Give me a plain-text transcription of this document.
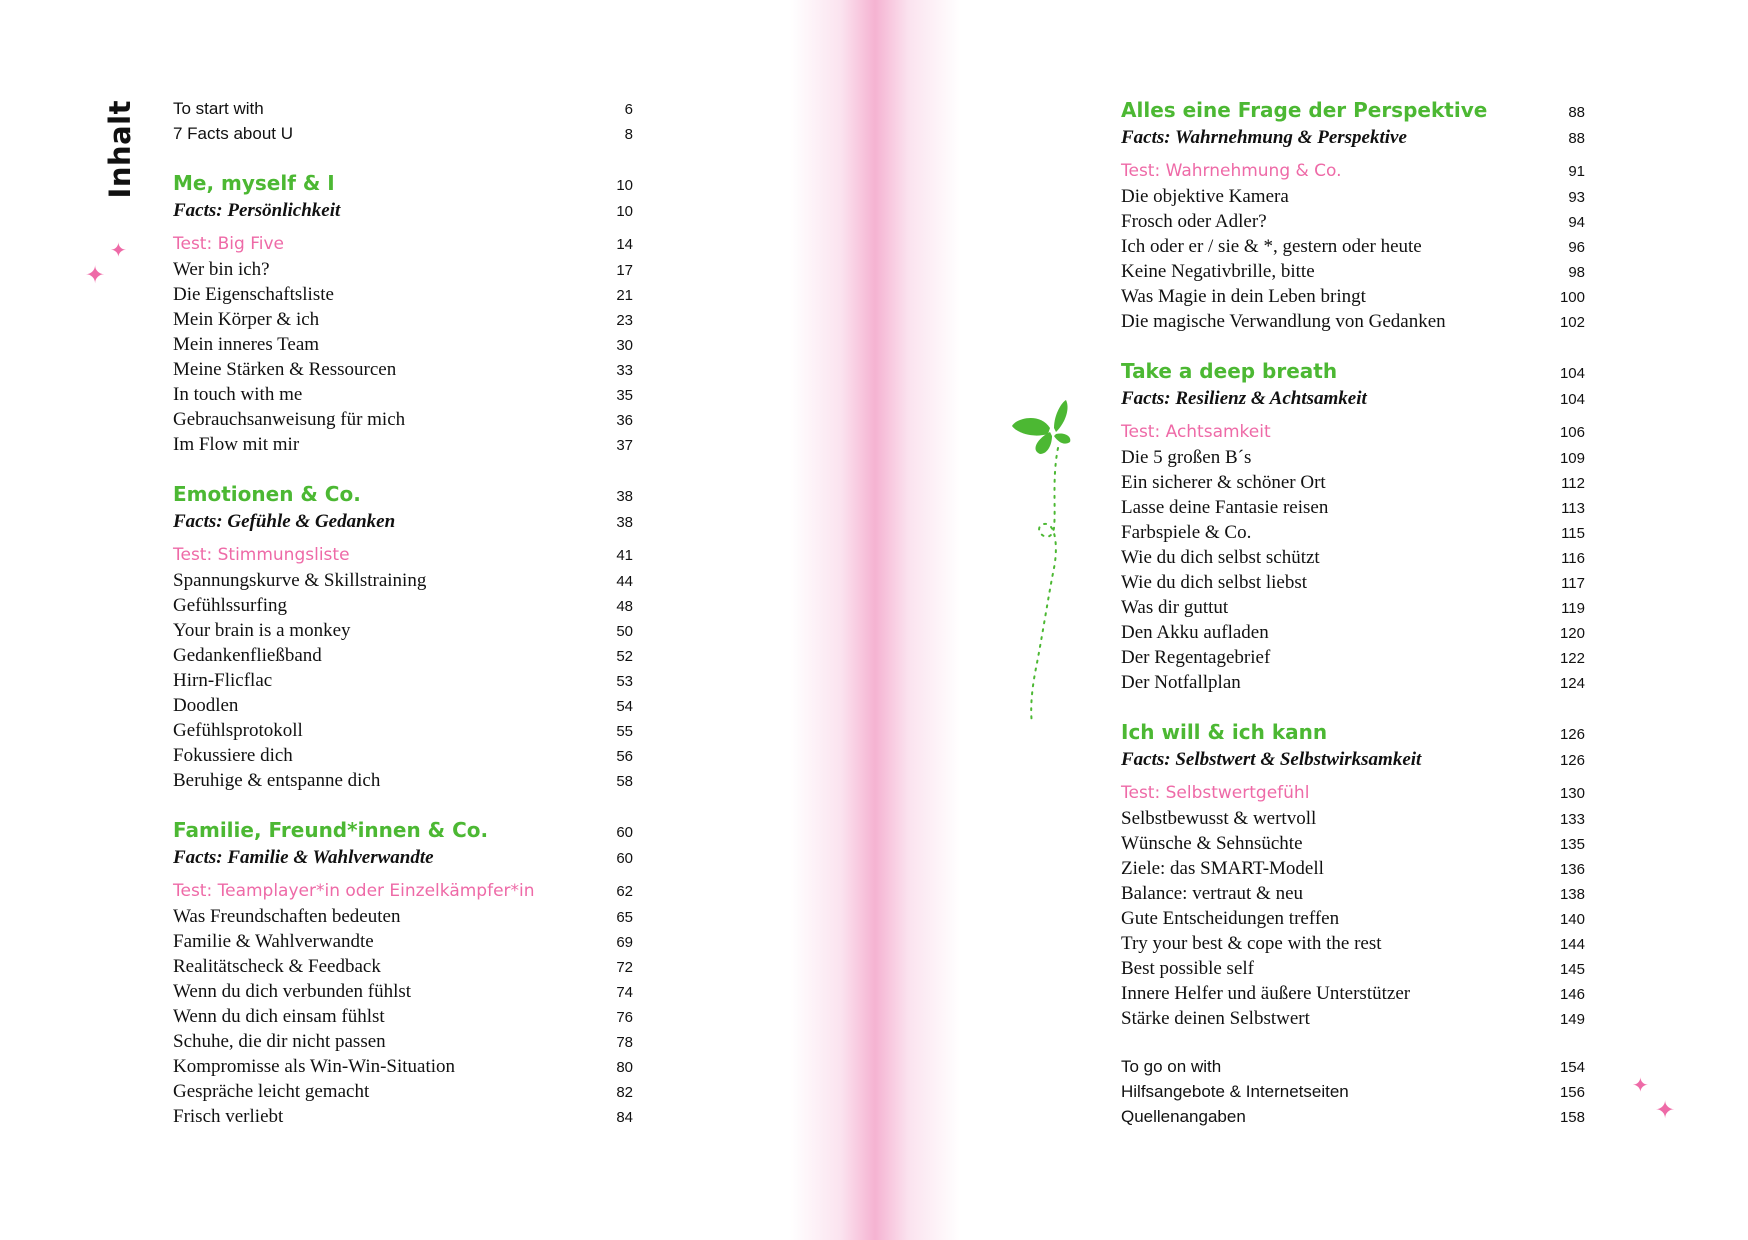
Inhalt
✦
✦
✦
✦
To start with	6
7 Facts about U	8
Me, myself & I	10
Facts: Persönlichkeit	10
Test: Big Five	14
Wer bin ich?	17
Die Eigenschaftsliste	21
Mein Körper & ich	23
Mein inneres Team	30
Meine Stärken & Ressourcen	33
In touch with me	35
Gebrauchsanweisung für mich	36
Im Flow mit mir	37
Emotionen & Co.	38
Facts: Gefühle & Gedanken	38
Test: Stimmungsliste	41
Spannungskurve & Skillstraining	44
Gefühlssurfing	48
Your brain is a monkey	50
Gedankenfließband	52
Hirn-Flicflac	53
Doodlen	54
Gefühlsprotokoll	55
Fokussiere dich	56
Beruhige & entspanne dich	58
Familie, Freund*innen & Co.	60
Facts: Familie & Wahlverwandte	60
Test: Teamplayer*in oder Einzelkämpfer*in	62
Was Freundschaften bedeuten	65
Familie & Wahlverwandte	69
Realitätscheck & Feedback	72
Wenn du dich verbunden fühlst	74
Wenn du dich einsam fühlst	76
Schuhe, die dir nicht passen	78
Kompromisse als Win-Win-Situation	80
Gespräche leicht gemacht	82
Frisch verliebt	84
Alles eine Frage der Perspektive	88
Facts: Wahrnehmung & Perspektive	88
Test: Wahrnehmung & Co.	91
Die objektive Kamera	93
Frosch oder Adler?	94
Ich oder er / sie & *, gestern oder heute	96
Keine Negativbrille, bitte	98
Was Magie in dein Leben bringt	100
Die magische Verwandlung von Gedanken	102
Take a deep breath	104
Facts: Resilienz & Achtsamkeit	104
Test: Achtsamkeit	106
Die 5 großen B´s	109
Ein sicherer & schöner Ort	112
Lasse deine Fantasie reisen	113
Farbspiele & Co.	115
Wie du dich selbst schützt	116
Wie du dich selbst liebst	117
Was dir guttut	119
Den Akku aufladen	120
Der Regentagebrief	122
Der Notfallplan	124
Ich will & ich kann	126
Facts: Selbstwert & Selbstwirksamkeit	126
Test: Selbstwertgefühl	130
Selbstbewusst & wertvoll	133
Wünsche & Sehnsüchte	135
Ziele: das SMART-Modell	136
Balance: vertraut & neu	138
Gute Entscheidungen treffen	140
Try your best & cope with the rest	144
Best possible self	145
Innere Helfer und äußere Unterstützer	146
Stärke deinen Selbstwert	149
To go on with	154
Hilfsangebote & Internetseiten	156
Quellenangaben	158
